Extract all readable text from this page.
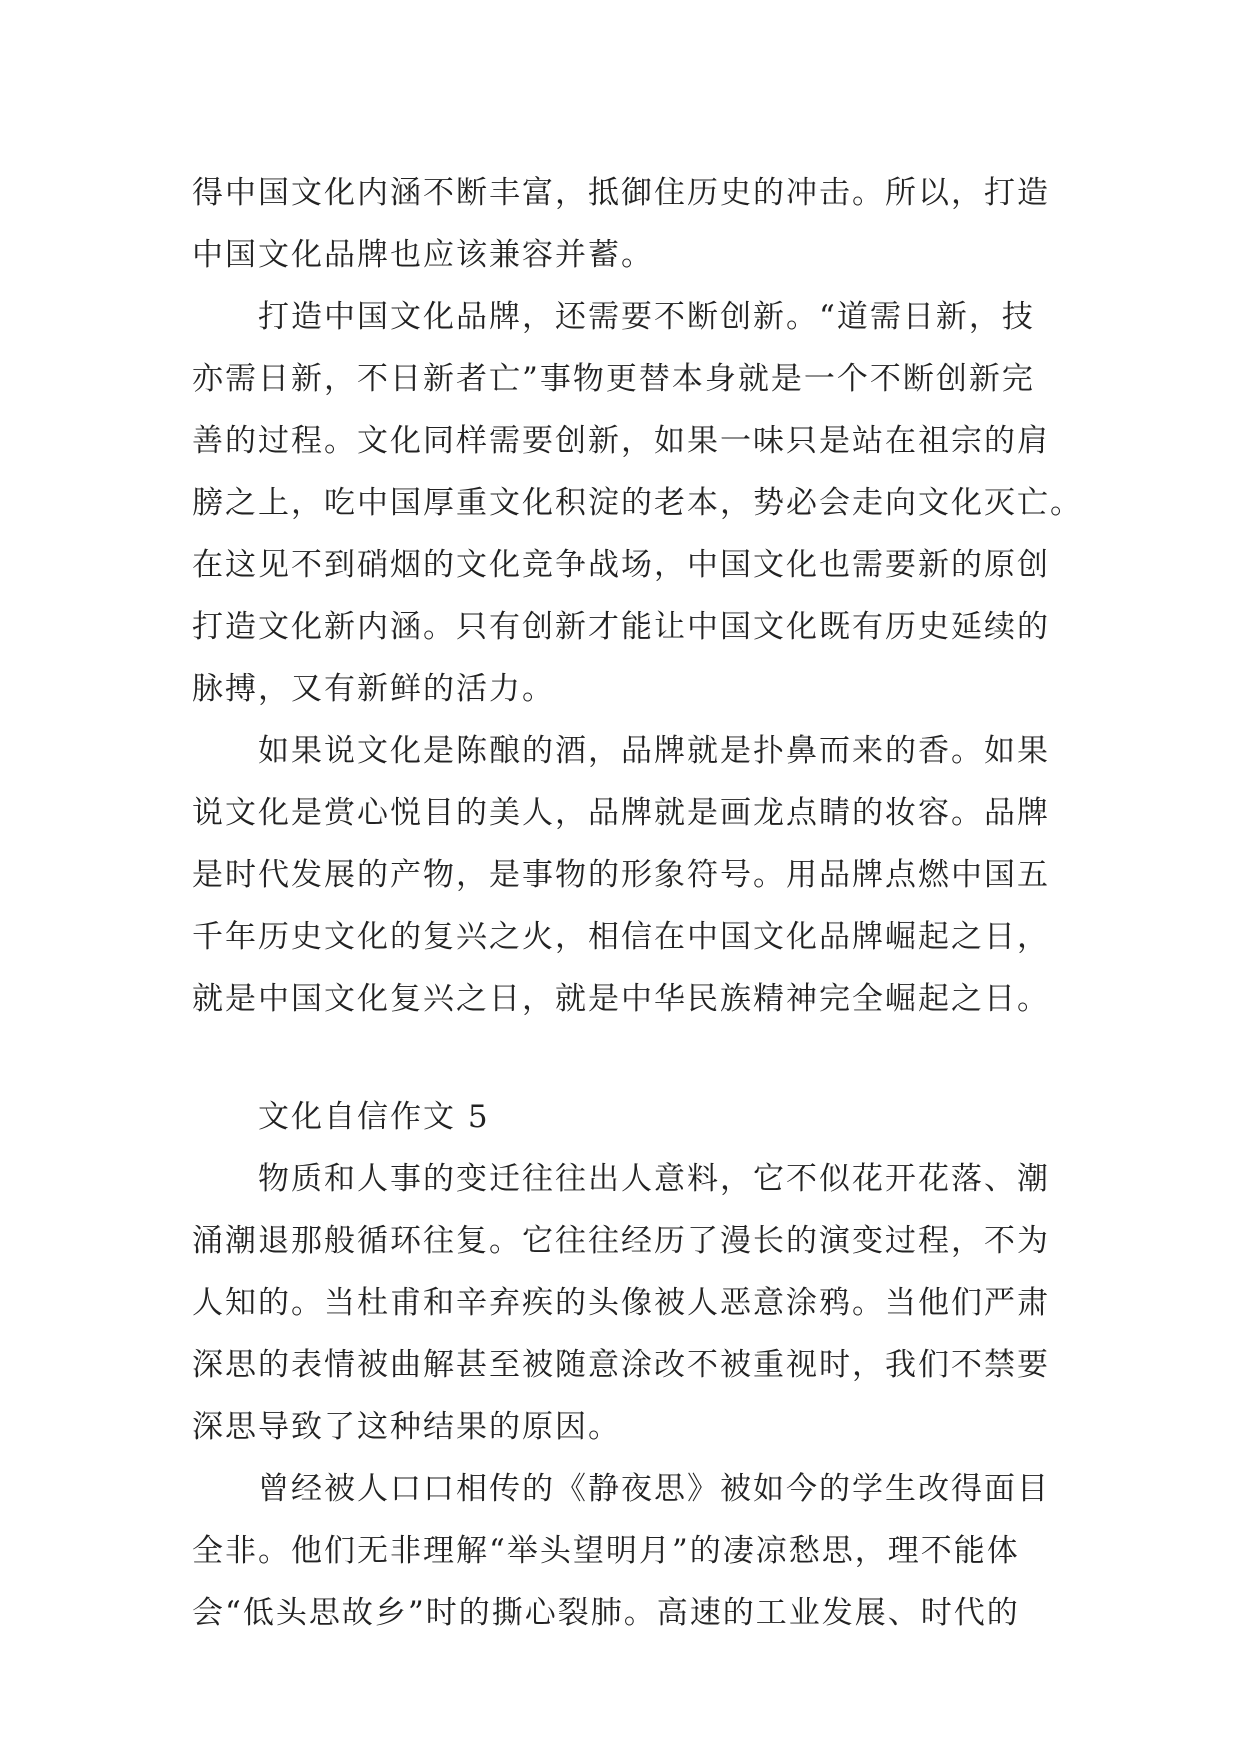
得中国文化内涵不断丰富，抵御住历史的冲击。所以，打造
中国文化品牌也应该兼容并蓄。
　　打造中国文化品牌，还需要不断创新。“道需日新，技
亦需日新，不日新者亡”事物更替本身就是一个不断创新完
善的过程。文化同样需要创新，如果一味只是站在祖宗的肩
膀之上，吃中国厚重文化积淀的老本，势必会走向文化灭亡。
在这见不到硝烟的文化竞争战场，中国文化也需要新的原创
打造文化新内涵。只有创新才能让中国文化既有历史延续的
脉搏，又有新鲜的活力。
　　如果说文化是陈酿的酒，品牌就是扑鼻而来的香。如果
说文化是赏心悦目的美人，品牌就是画龙点睛的妆容。品牌
是时代发展的产物，是事物的形象符号。用品牌点燃中国五
千年历史文化的复兴之火，相信在中国文化品牌崛起之日，
就是中国文化复兴之日，就是中华民族精神完全崛起之日。
　　文化自信作文 5
　　物质和人事的变迁往往出人意料，它不似花开花落、潮
涌潮退那般循环往复。它往往经历了漫长的演变过程，不为
人知的。当杜甫和辛弃疾的头像被人恶意涂鸦。当他们严肃
深思的表情被曲解甚至被随意涂改不被重视时，我们不禁要
深思导致了这种结果的原因。
　　曾经被人口口相传的《静夜思》被如今的学生改得面目
全非。他们无非理解“举头望明月”的凄凉愁思，理不能体
会“低头思故乡”时的撕心裂肺。高速的工业发展、时代的
